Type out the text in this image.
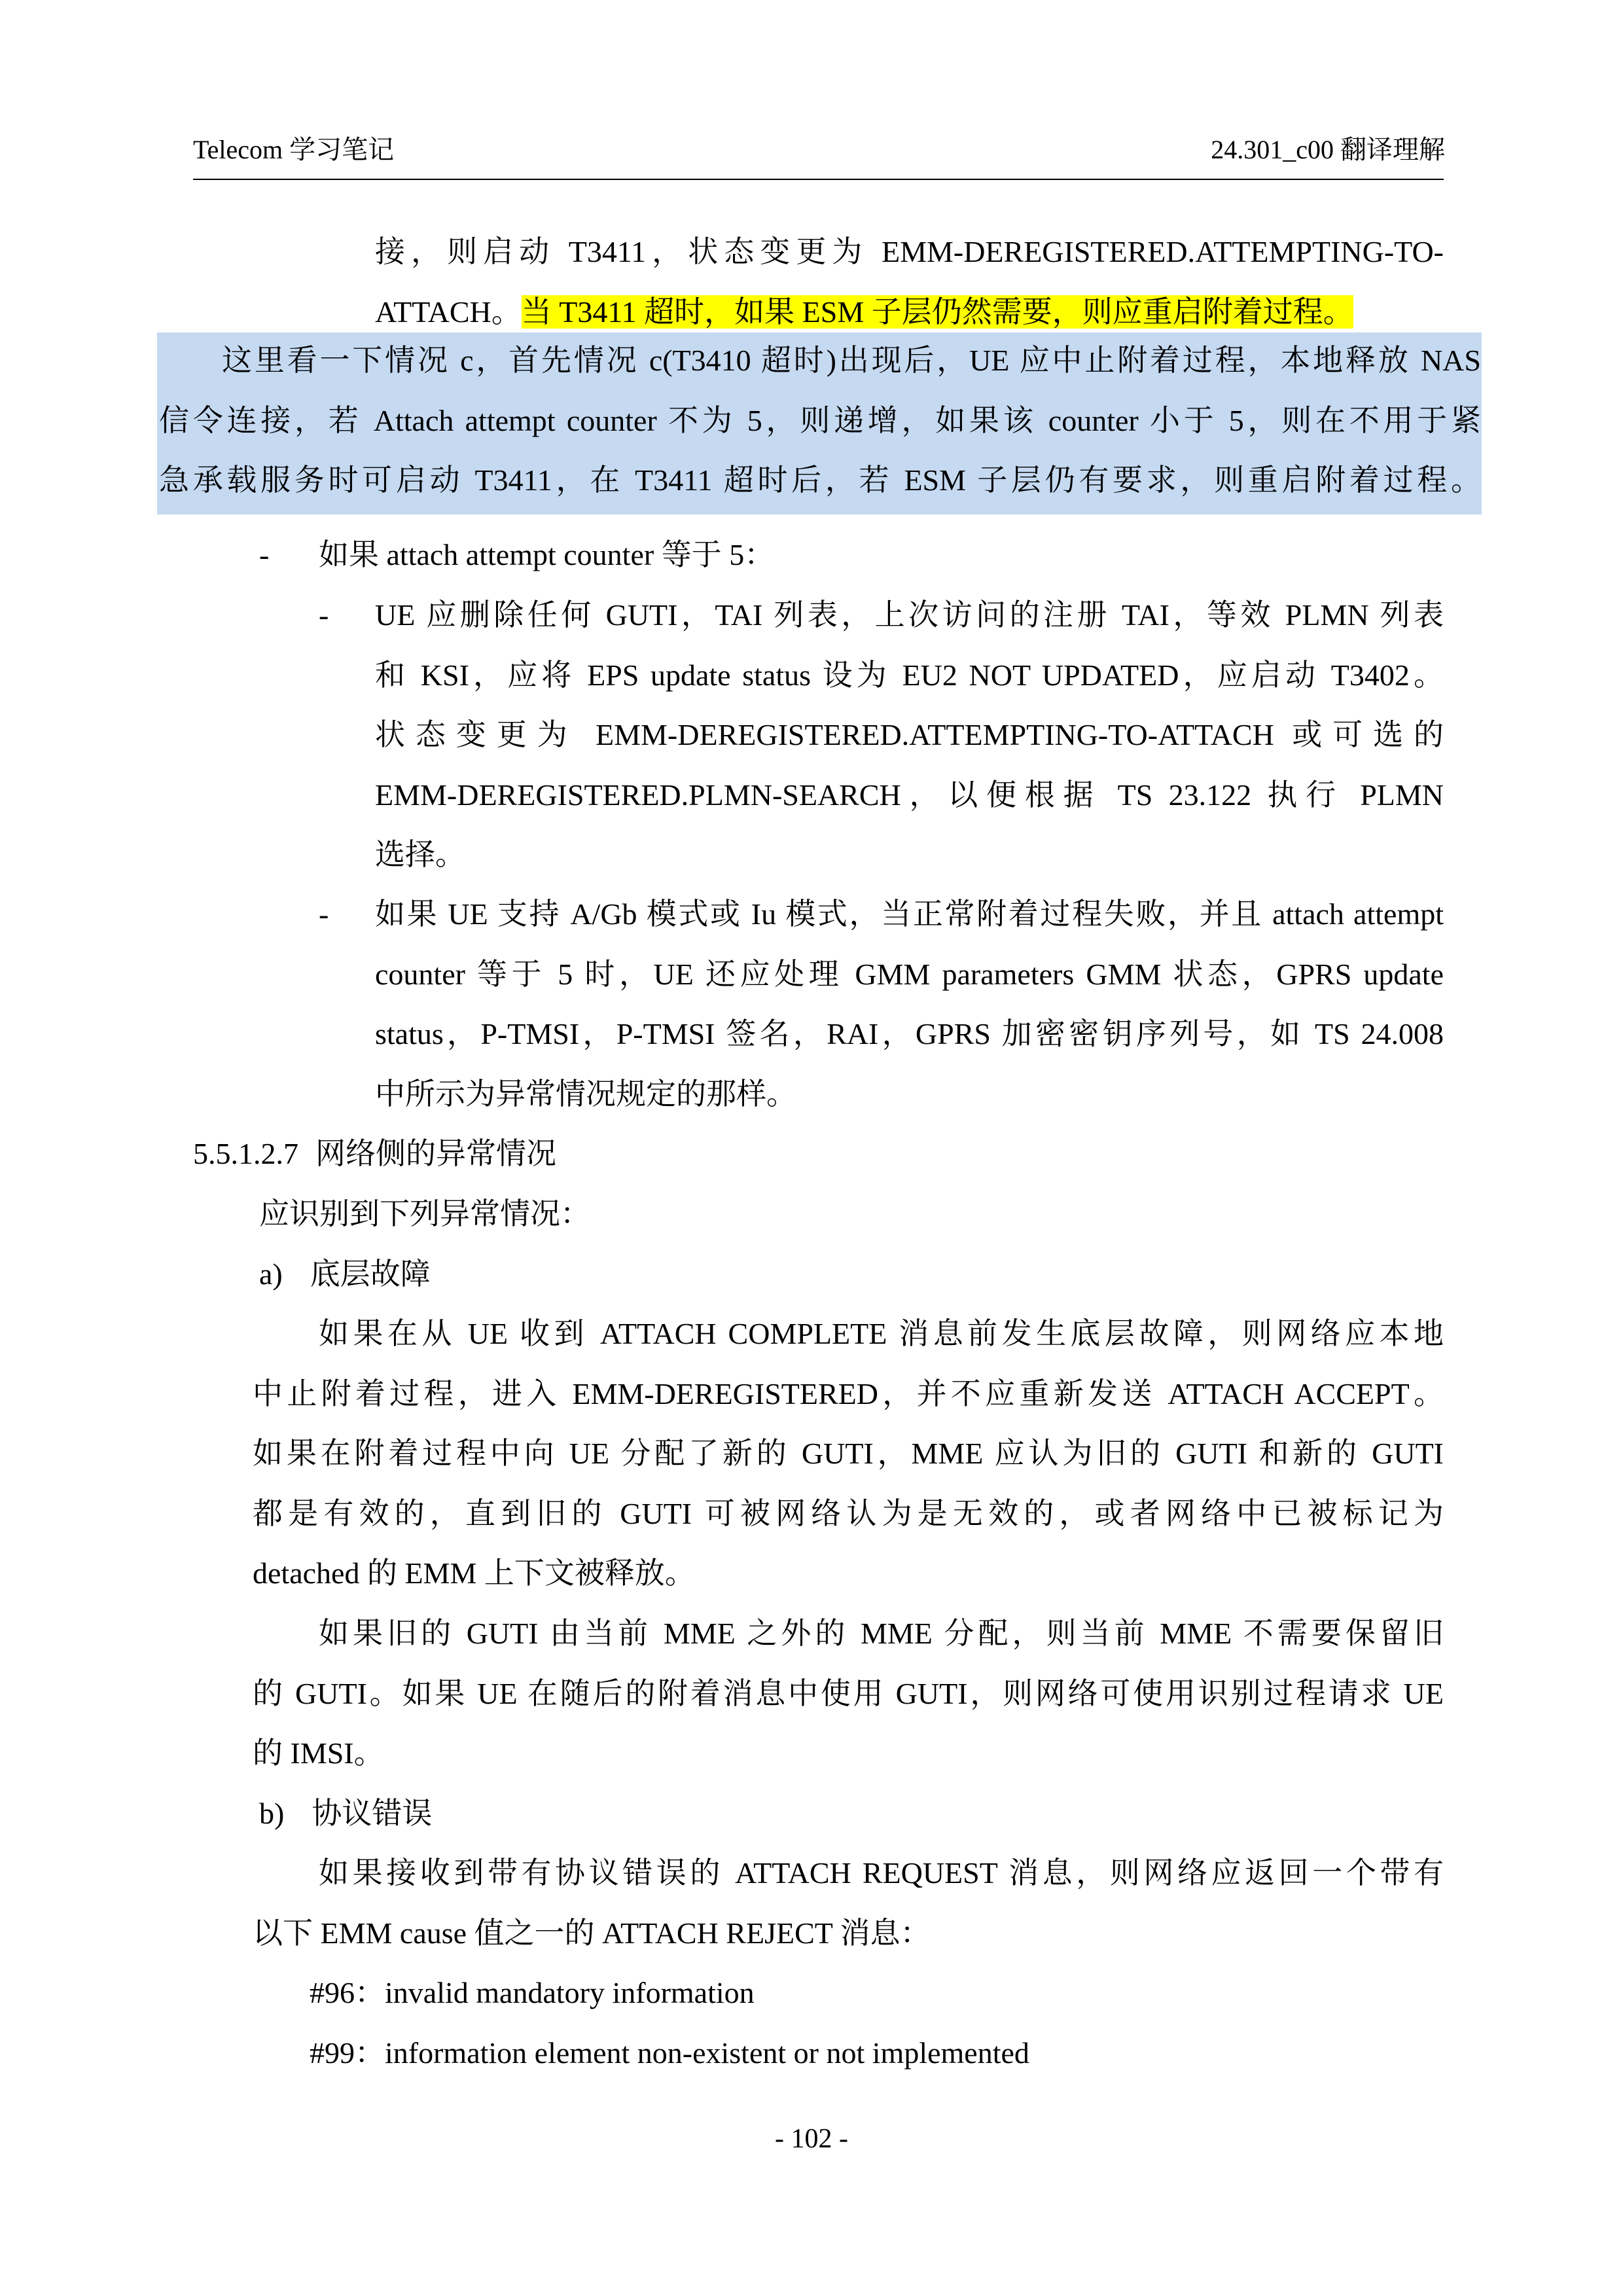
Telecom 学习笔记	24.301_c00 翻译理解
接，则启动 T3411，状态变更为 EMM-DEREGISTERED.ATTEMPTING-TO-
ATTACH。当 T3411 超时，如果 ESM 子层仍然需要，则应重启附着过程。
这里看一下情况 c，首先情况 c(T3410 超时)出现后，UE 应中止附着过程，本地释放 NAS
信令连接，若 Attach attempt counter 不为 5，则递增，如果该 counter 小于 5，则在不用于紧
急承载服务时可启动 T3411，在 T3411 超时后，若 ESM 子层仍有要求，则重启附着过程。
- 如果 attach attempt counter 等于 5：
- UE 应删除任何 GUTI，TAI 列表，上次访问的注册 TAI，等效 PLMN 列表
和 KSI，应将 EPS update status 设为 EU2 NOT UPDATED，应启动 T3402。
状态变更为 EMM-DEREGISTERED.ATTEMPTING-TO-ATTACH 或可选的
EMM-DEREGISTERED.PLMN-SEARCH，以便根据 TS 23.122 执行 PLMN
选择。
- 如果 UE 支持 A/Gb 模式或 Iu 模式，当正常附着过程失败，并且 attach attempt
counter 等于 5 时，UE 还应处理 GMM parameters GMM 状态，GPRS update
status，P-TMSI，P-TMSI 签名，RAI，GPRS 加密密钥序列号，如 TS 24.008
中所示为异常情况规定的那样。
5.5.1.2.7 网络侧的异常情况
应识别到下列异常情况：
a) 底层故障
如果在从 UE 收到 ATTACH COMPLETE 消息前发生底层故障，则网络应本地
中止附着过程，进入 EMM-DEREGISTERED，并不应重新发送 ATTACH ACCEPT。
如果在附着过程中向 UE 分配了新的 GUTI，MME 应认为旧的 GUTI 和新的 GUTI
都是有效的，直到旧的 GUTI 可被网络认为是无效的，或者网络中已被标记为
detached 的 EMM 上下文被释放。
如果旧的 GUTI 由当前 MME 之外的 MME 分配，则当前 MME 不需要保留旧
的 GUTI。如果 UE 在随后的附着消息中使用 GUTI，则网络可使用识别过程请求 UE
的 IMSI。
b) 协议错误
如果接收到带有协议错误的 ATTACH REQUEST 消息，则网络应返回一个带有
以下 EMM cause 值之一的 ATTACH REJECT 消息：
#96：invalid mandatory information
#99：information element non-existent or not implemented
- 102 -
